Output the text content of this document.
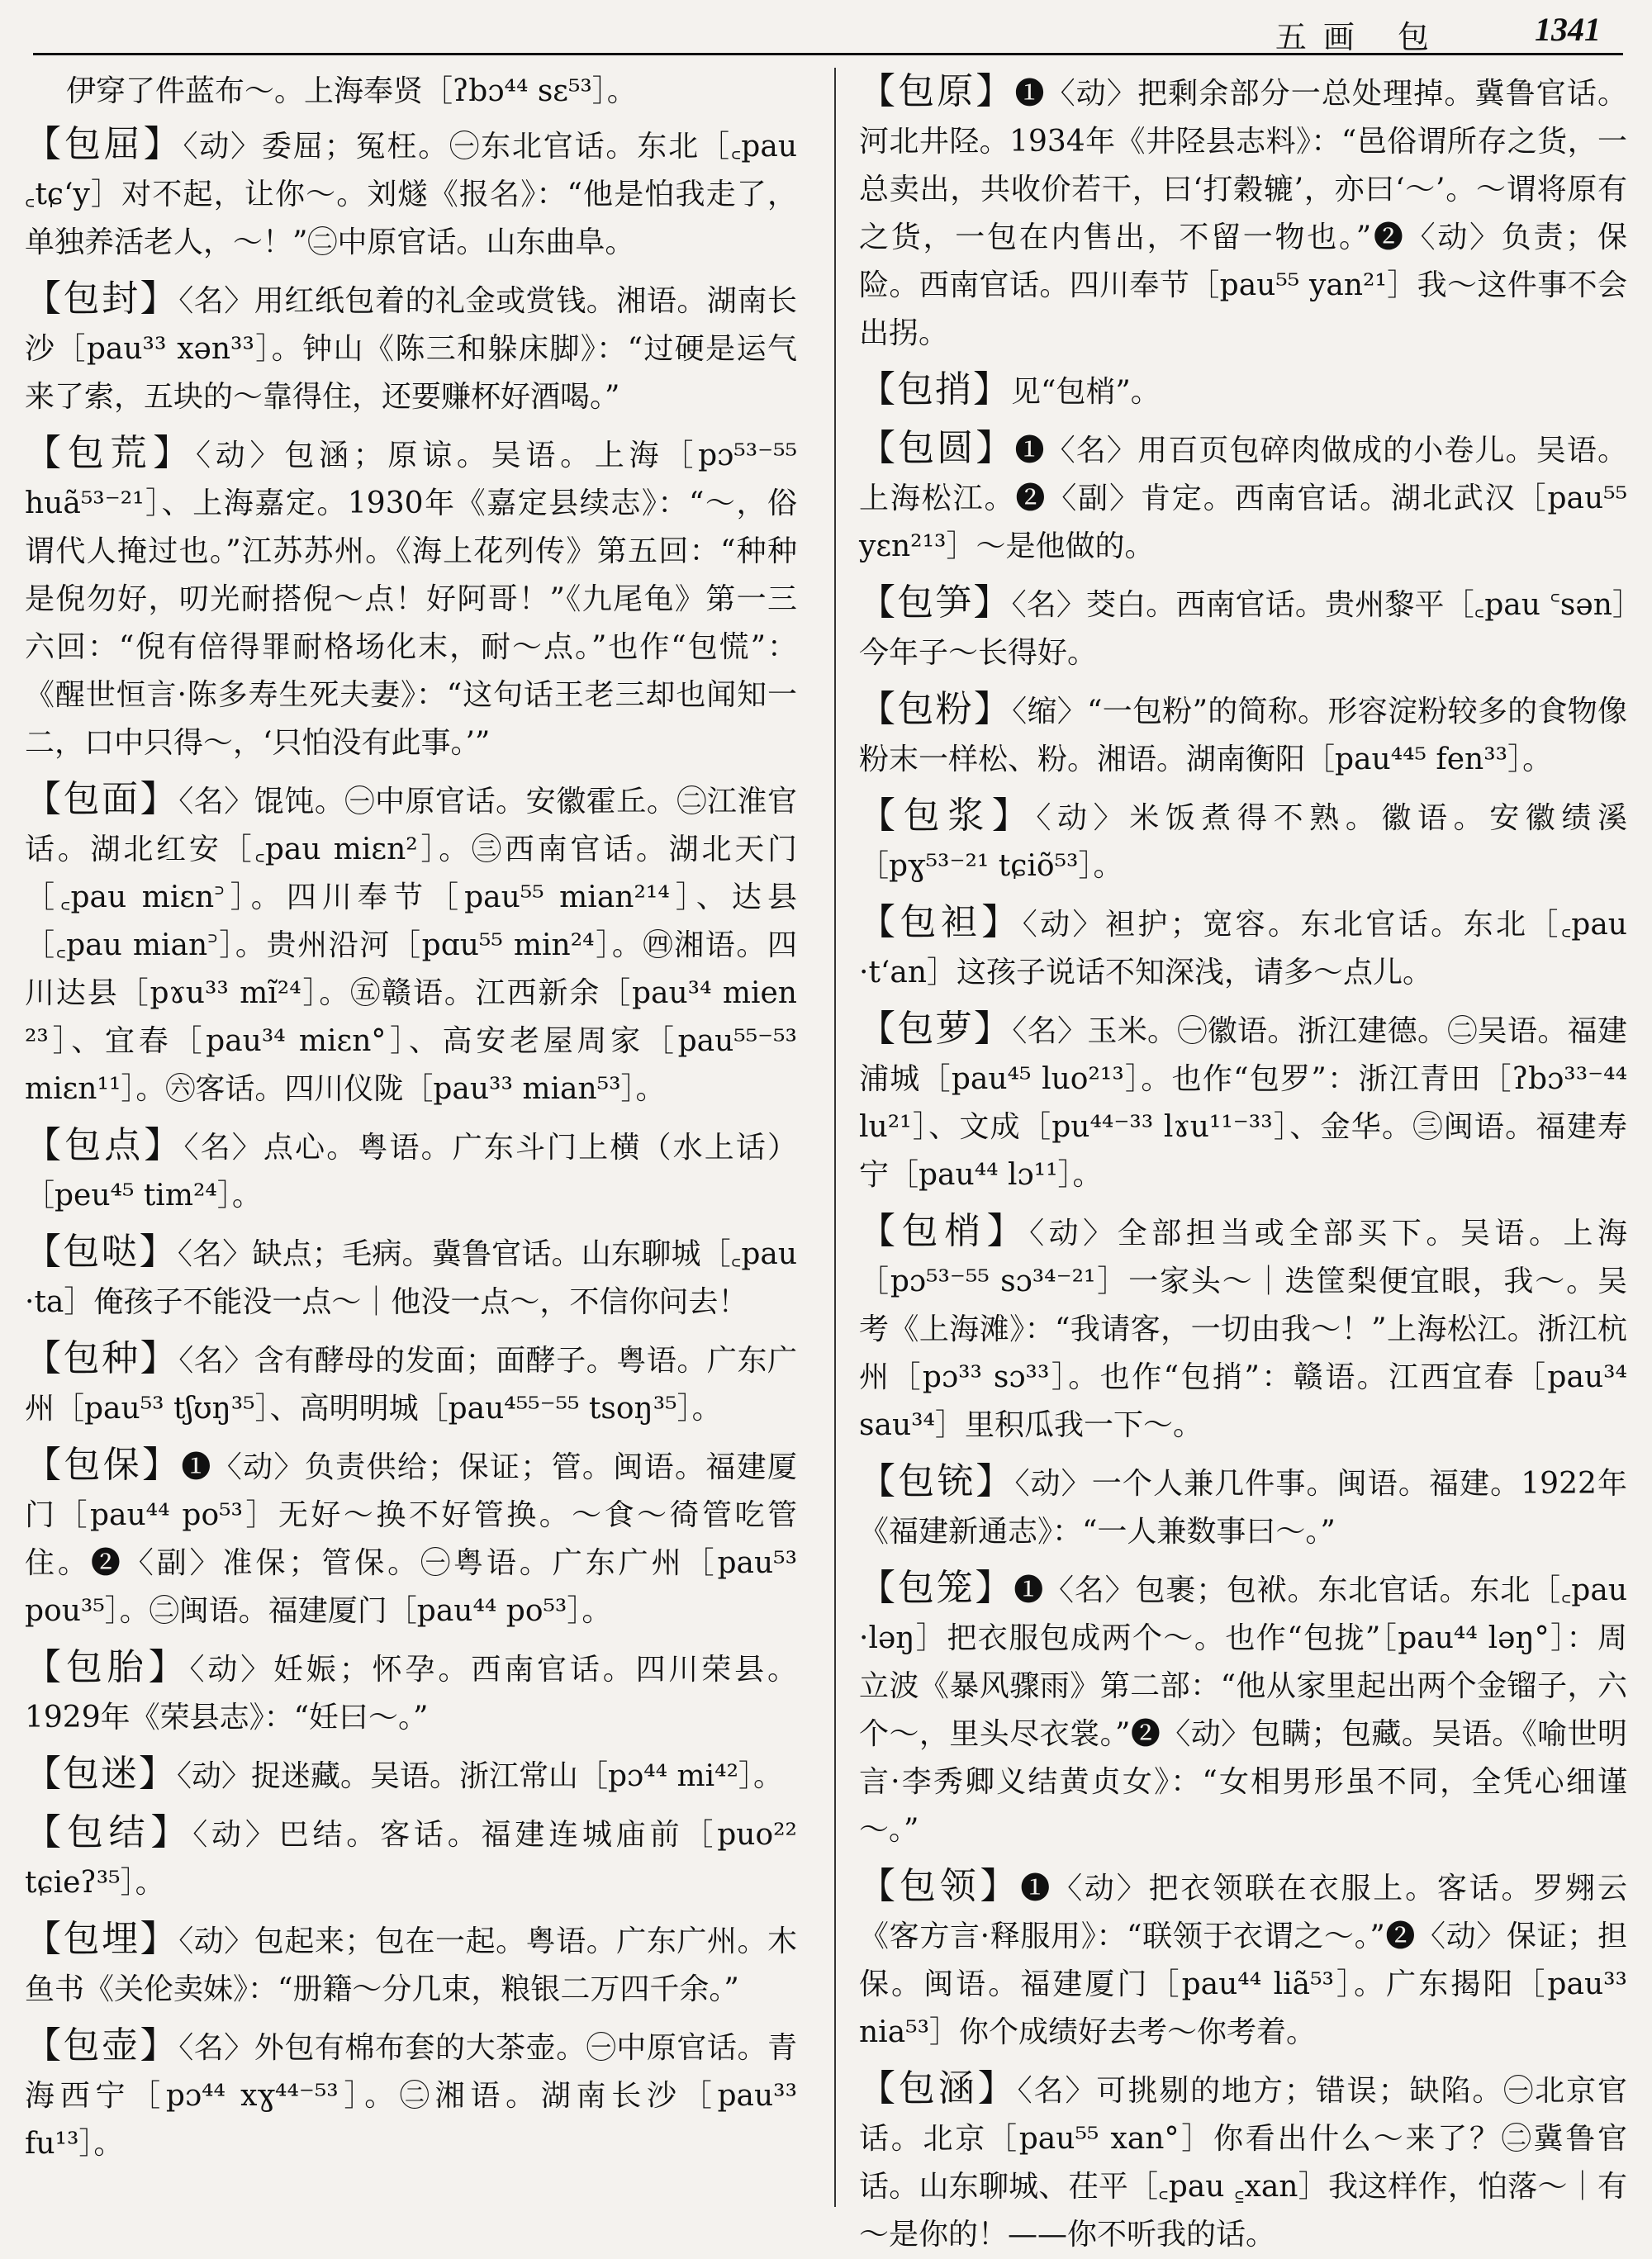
五画 包	1341

伊穿了件蓝布～。上海奉贤［ʔbɔ⁴⁴ sɛ⁵³］。

【包屈】〈动〉委屈；冤枉。㊀东北官话。东北［꜀pau ꜀tɕʻy］对不起，让你～。刘燧《报名》：“他是怕我走了，单独养活老人，～！”㊁中原官话。山东曲阜。

【包封】〈名〉用红纸包着的礼金或赏钱。湘语。湖南长沙［pau³³ xən³³］。钟山《陈三和躲床脚》：“过硬是运气来了索，五块的～靠得住，还要赚杯好酒喝。”

【包荒】〈动〉包涵；原谅。吴语。上海［pɔ⁵³⁻⁵⁵ huã⁵³⁻²¹］、上海嘉定。1930年《嘉定县续志》：“～，俗谓代人掩过也。”江苏苏州。《海上花列传》第五回：“种种是倪勿好，叨光耐搭倪～点！好阿哥！”《九尾龟》第一三六回：“倪有倍得罪耐格场化末，耐～点。”也作“包慌”：《醒世恒言·陈多寿生死夫妻》：“这句话王老三却也闻知一二，口中只得～，‘只怕没有此事。’”

【包面】〈名〉馄饨。㊀中原官话。安徽霍丘。㊁江淮官话。湖北红安［꜀pau miɛn²］。㊂西南官话。湖北天门［꜀pau miɛn꜄］。四川奉节［pau⁵⁵ mian²¹⁴］、达县［꜀pau mian꜄］。贵州沿河［pɑu⁵⁵ min²⁴］。㊃湘语。四川达县［pɤu³³ mĩ²⁴］。㊄赣语。江西新余［pau³⁴ mien ²³］、宜春［pau³⁴ miɛn°］、高安老屋周家［pau⁵⁵⁻⁵³ miɛn¹¹］。㊅客话。四川仪陇［pau³³ mian⁵³］。

【包点】〈名〉点心。粤语。广东斗门上横（水上话）［peu⁴⁵ tim²⁴］。

【包哒】〈名〉缺点；毛病。冀鲁官话。山东聊城［꜀pau ·ta］俺孩子不能没一点～｜他没一点～，不信你问去！

【包种】〈名〉含有酵母的发面；面酵子。粤语。广东广州［pau⁵³ tʃʊŋ³⁵］、高明明城［pau⁴⁵⁵⁻⁵⁵ tsoŋ³⁵］。

【包保】❶〈动〉负责供给；保证；管。闽语。福建厦门［pau⁴⁴ po⁵³］无好～换不好管换。～食～徛管吃管住。❷〈副〉准保；管保。㊀粤语。广东广州［pau⁵³ pou³⁵］。㊁闽语。福建厦门［pau⁴⁴ po⁵³］。

【包胎】〈动〉妊娠；怀孕。西南官话。四川荣县。1929年《荣县志》：“妊曰～。”

【包迷】〈动〉捉迷藏。吴语。浙江常山［pɔ⁴⁴ mi⁴²］。

【包结】〈动〉巴结。客话。福建连城庙前［puo²² tɕieʔ³⁵］。

【包埋】〈动〉包起来；包在一起。粤语。广东广州。木鱼书《关伦卖妹》：“册籍～分几束，粮银二万四千余。”

【包壶】〈名〉外包有棉布套的大茶壶。㊀中原官话。青海西宁［pɔ⁴⁴ xɣ⁴⁴⁻⁵³］。㊁湘语。湖南长沙［pau³³ fu¹³］。

【包原】❶〈动〉把剩余部分一总处理掉。冀鲁官话。河北井陉。1934年《井陉县志料》：“邑俗谓所存之货，一总卖出，共收价若干，曰‘打穀辘’，亦曰‘～’。～谓将原有之货，一包在内售出，不留一物也。”❷〈动〉负责；保险。西南官话。四川奉节［pau⁵⁵ yan²¹］我～这件事不会出拐。

【包捎】见“包梢”。

【包圆】❶〈名〉用百页包碎肉做成的小卷儿。吴语。上海松江。❷〈副〉肯定。西南官话。湖北武汉［pau⁵⁵ yɛn²¹³］～是他做的。

【包笋】〈名〉茭白。西南官话。贵州黎平［꜀pau ꜂sən］今年子～长得好。

【包粉】〈缩〉“一包粉”的简称。形容淀粉较多的食物像粉末一样松、粉。湘语。湖南衡阳［pau⁴⁴⁵ fen³³］。

【包浆】〈动〉米饭煮得不熟。徽语。安徽绩溪［pɣ⁵³⁻²¹ tɕiõ⁵³］。

【包袒】〈动〉袒护；宽容。东北官话。东北［꜀pau ·tʻan］这孩子说话不知深浅，请多～点儿。

【包萝】〈名〉玉米。㊀徽语。浙江建德。㊁吴语。福建浦城［pau⁴⁵ luo²¹³］。也作“包罗”：浙江青田［ʔbɔ³³⁻⁴⁴ lu²¹］、文成［pu⁴⁴⁻³³ lɤu¹¹⁻³³］、金华。㊂闽语。福建寿宁［pau⁴⁴ lɔ¹¹］。

【包梢】〈动〉全部担当或全部买下。吴语。上海［pɔ⁵³⁻⁵⁵ sɔ³⁴⁻²¹］一家头～｜迭筐梨便宜眼，我～。吴考《上海滩》：“我请客，一切由我～！”上海松江。浙江杭州［pɔ³³ sɔ³³］。也作“包捎”：赣语。江西宜春［pau³⁴ sau³⁴］里积瓜我一下～。

【包铳】〈动〉一个人兼几件事。闽语。福建。1922年《福建新通志》：“一人兼数事曰～。”

【包笼】❶〈名〉包裹；包袱。东北官话。东北［꜀pau ·ləŋ］把衣服包成两个～。也作“包拢”［pau⁴⁴ ləŋ°］：周立波《暴风骤雨》第二部：“他从家里起出两个金镏子，六个～，里头尽衣裳。”❷〈动〉包瞒；包藏。吴语。《喻世明言·李秀卿义结黄贞女》：“女相男形虽不同，全凭心细谨～。”

【包领】❶〈动〉把衣领联在衣服上。客话。罗翙云《客方言·释服用》：“联领于衣谓之～。”❷〈动〉保证；担保。闽语。福建厦门［pau⁴⁴ liã⁵³］。广东揭阳［pau³³ nia⁵³］你个成绩好去考～你考着。

【包涵】〈名〉可挑剔的地方；错误；缺陷。㊀北京官话。北京［pau⁵⁵ xan°］你看出什么～来了？㊁冀鲁官话。山东聊城、茌平［꜀pau ꜁xan］我这样作，怕落～｜有～是你的！——你不听我的话。
